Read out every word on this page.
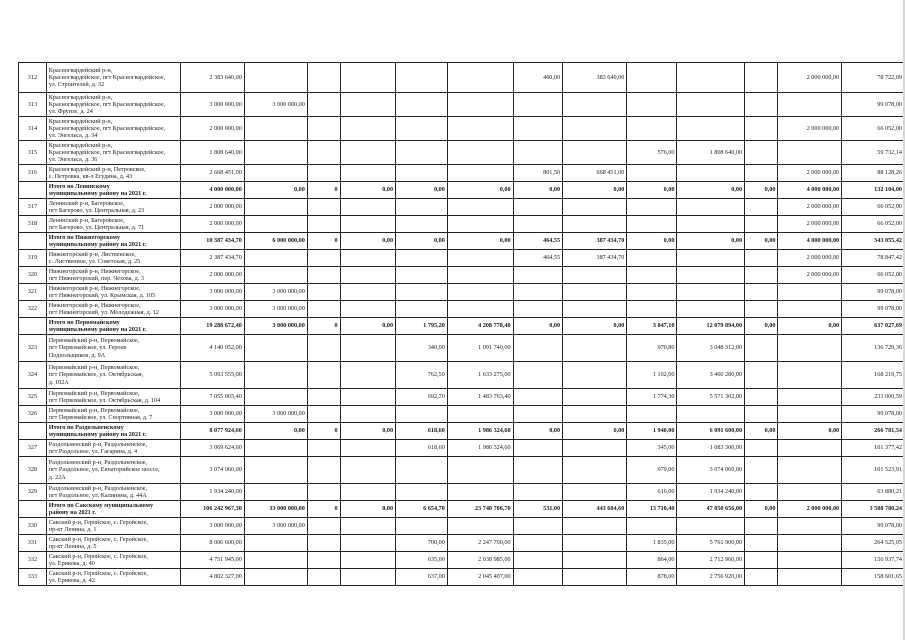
312	Красногвардейский р-н,
Красногвардейское, пгт Красногвардейское,
ул. Строителей, д. 32	2 383 640,00						460,00	383 640,00				2 000 000,00	78 722,09
313	Красногвардейский р-н,
Красногвардейское, пгт Красногвардейское,
ул. Фрунзе, д. 24	3 000 000,00	3 000 000,00											99 078,00
314	Красногвардейский р-н,
Красногвардейское, пгт Красногвардейское,
ул. Энгельса, д. 34	2 000 000,00											2 000 000,00	66 052,00
315	Красногвардейский р-н,
Красногвардейское, пгт Красногвардейское,
ул. Энгельса, д. 36	1 808 640,00								576,00	1 808 640,00			59 732,14
316	Красногвардейский р-н, Петровское,
с. Петровка, кв-л Егудина, д. 43	2 668 451,00						801,50	668 451,00				2 000 000,00	88 128,26

	Итого по Ленинскому
муниципальному району на 2021 г.	4 000 000,00	0,00	0	0,00	0,00	0,00	0,00	0,00	0,00	0,00	0,00	4 000 000,00	132 104,00
317	Ленинский р-н, Багеровское,
пгт Багерово, ул. Центральная, д. 23	2 000 000,00											2 000 000,00	66 052,00
318	Ленинский р-н, Багеровское,
пгт Багерово, ул. Центральная, д. 71	2 000 000,00											2 000 000,00	66 052,00

	Итого по Нижнегорскому
муниципальному району на 2021 г.	10 387 434,70	6 000 000,00	0	0,00	0,00	0,00	464,55	387 434,70	0,00	0,00	0,00	4 000 000,00	343 055,42
319	Нижнегорский р-н, Лиственское,
с. Лиственное, ул. Советская, д. 25	2 387 434,70						464,55	387 434,70				2 000 000,00	78 847,42
320	Нижнегорский р-н, Нижнегорское,
пгт Нижнегорский, пер. Чехова, д. 3	2 000 000,00											2 000 000,00	66 052,00
321	Нижнегорский р-н, Нижнегорское,
пгт Нижнегорский, ул. Крымская, д. 105	3 000 000,00	3 000 000,00											99 078,00
322	Нижнегорский р-н, Нижнегорское,
пгт Нижнегорский, ул. Молодежная, д. 12	3 000 000,00	3 000 000,00											99 078,00

	Итого по Первомайскому
муниципальному району на 2021 г.	19 288 672,40	3 000 000,00	0	0,00	1 795,20	4 208 778,40	0,00	0,00	3 847,10	12 079 894,00	0,00	0,00	637 027,69
323	Первомайский р-н, Первомайское,
пгт Первомайское, ул. Героев
Подпольщиков, д. 9А	4 140 052,00				340,00	1 091 740,00			970,80	3 048 312,00			136 729,36
324	Первомайский р-н, Первомайское,
пгт Первомайское, ул. Октябрьская,
д. 102А	5 093 555,00				762,50	1 633 275,00			1 102,00	3 460 280,00			168 219,75
325	Первомайский р-н, Первомайское,
пгт Первомайское, ул. Октябрьская, д. 104	7 055 065,40				692,70	1 483 763,40			1 774,30	5 571 302,00			233 000,59
326	Первомайский р-н, Первомайское,
пгт Первомайское, ул. Спортивная, д. 7	3 000 000,00	3 000 000,00											99 078,00

	Итого по Раздольненскому
муниципальному району на 2021 г.	8 077 924,60	0,00	0	0,00	618,60	1 986 324,60	0,00	0,00	1 940,00	6 091 600,00	0,00	0,00	266 781,54
327	Раздольненский р-н, Раздольненское,
пгт Раздольное, ул. Гагарина, д. 4	3 069 624,60				618,60	1 986 324,60			345,00	1 083 300,00			101 377,42
328	Раздольненский р-н, Раздольненское,
пгт Раздольное, ул. Евпаторийское шоссе,
д. 22А	3 074 060,00								979,00	3 074 060,00			101 523,91
329	Раздольненский р-н, Раздольненское,
пгт Раздольное, ул. Калинина, д. 44А	1 934 240,00								616,00	1 934 240,00			63 880,21

	Итого по Сакскому муниципальному
району на 2021 г.	106 242 967,30	33 000 000,00	0	0,00	6 654,70	23 748 706,70	531,00	443 604,60	13 710,40	47 050 656,00	0,00	2 000 000,00	3 508 780,24
330	Сакский р-н, Геройское, с. Геройское,
пр-кт Ленина, д. 1	3 000 000,00	3 000 000,00											99 078,00
331	Сакский р-н, Геройское, с. Геройское,
пр-кт Ленина, д. 5	8 006 600,00				700,00	2 247 700,00			1 835,00	5 761 900,00			264 525,05
332	Сакский р-н, Геройское, с. Геройское,
ул. Ерикова, д. 40	4 751 945,00				635,00	2 038 985,00			864,00	2 712 960,00			156 937,74
333	Сакский р-н, Геройское, с. Геройское,
ул. Ерикова, д. 42	4 802 327,00				637,00	2 045 407,00			878,00	2 756 920,00			158 601,65
